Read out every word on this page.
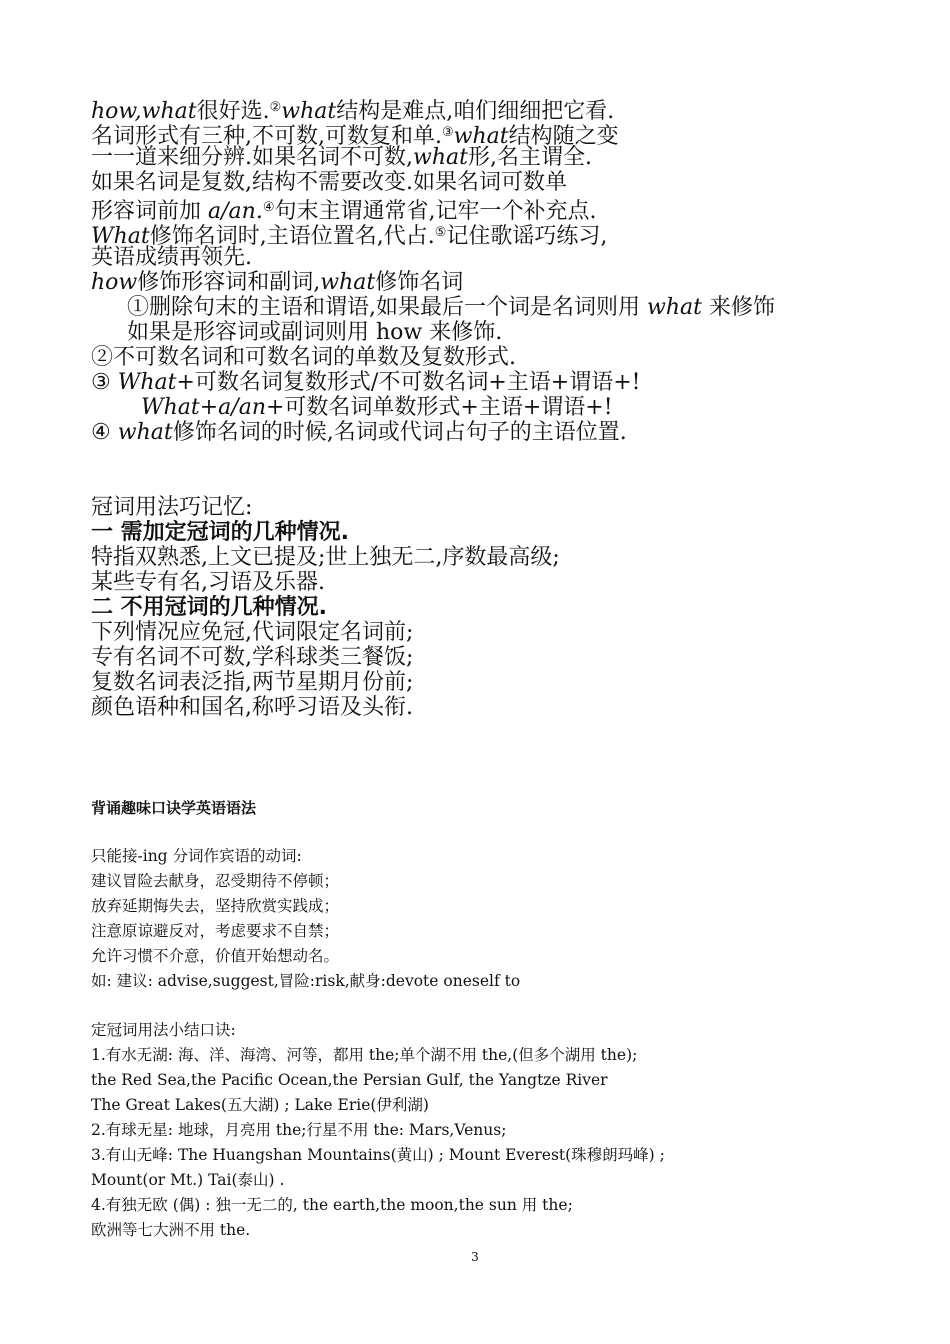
how,what很好选.②what结构是难点,咱们细细把它看.
名词形式有三种,不可数,可数复和单.③what结构随之变
一一道来细分辨.如果名词不可数,what形,名主谓全.
如果名词是复数,结构不需要改变.如果名词可数单
形容词前加 a/an.④句末主谓通常省,记牢一个补充点.
What修饰名词时,主语位置名,代占.⑤记住歌谣巧练习,
英语成绩再领先.
how修饰形容词和副词,what修饰名词
①删除句末的主语和谓语,如果最后一个词是名词则用 what 来修饰
如果是形容词或副词则用 how 来修饰.
②不可数名词和可数名词的单数及复数形式.
③ What+可数名词复数形式/不可数名词+主语+谓语+!
What+a/an+可数名词单数形式+主语+谓语+!
④ what修饰名词的时候,名词或代词占句子的主语位置.
冠词用法巧记忆:
一 需加定冠词的几种情况.
特指双熟悉,上文已提及;世上独无二,序数最高级;
某些专有名,习语及乐器.
二 不用冠词的几种情况.
下列情况应免冠,代词限定名词前;
专有名词不可数,学科球类三餐饭;
复数名词表泛指,两节星期月份前;
颜色语种和国名,称呼习语及头衔.
背诵趣味口诀学英语语法
只能接-ing 分词作宾语的动词:
建议冒险去献身，忍受期待不停顿；
放弃延期悔失去，坚持欣赏实践成；
注意原谅避反对，考虑要求不自禁；
允许习惯不介意，价值开始想动名。
如: 建议: advise,suggest,冒险:risk,献身:devote oneself to
定冠词用法小结口诀:
1.有水无湖: 海、洋、海湾、河等，都用 the;单个湖不用 the,(但多个湖用 the);
the Red Sea,the Pacific Ocean,the Persian Gulf, the Yangtze River
The Great Lakes(五大湖) ; Lake Erie(伊利湖)
2.有球无星: 地球，月亮用 the;行星不用 the: Mars,Venus;
3.有山无峰: The Huangshan Mountains(黄山) ; Mount Everest(珠穆朗玛峰) ;
Mount(or Mt.) Tai(泰山) .
4.有独无欧 (偶) : 独一无二的, the earth,the moon,the sun 用 the;
欧洲等七大洲不用 the.
3
